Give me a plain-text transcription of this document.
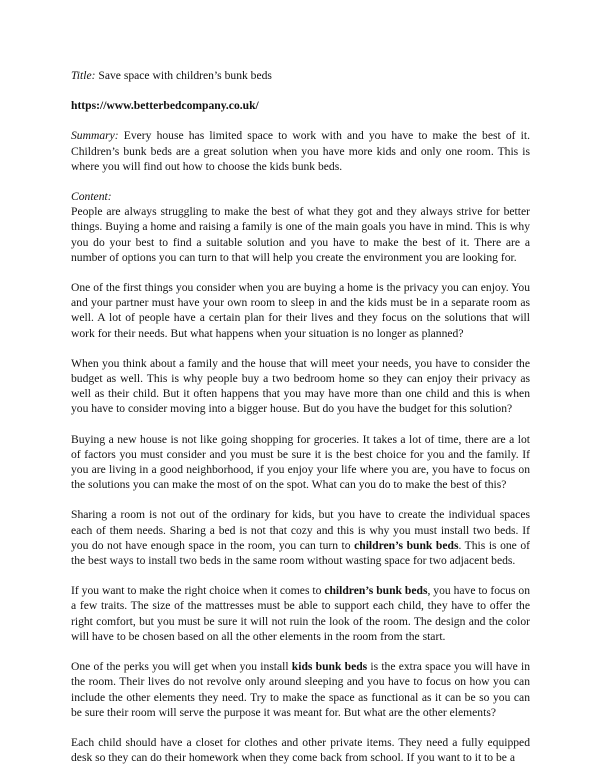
Title: Save space with children’s bunk beds

https://www.betterbedcompany.co.uk/

Summary: Every house has limited space to work with and you have to make the best of it. Children’s bunk beds are a great solution when you have more kids and only one room. This is where you will find out how to choose the kids bunk beds.

Content:
People are always struggling to make the best of what they got and they always strive for better things. Buying a home and raising a family is one of the main goals you have in mind. This is why you do your best to find a suitable solution and you have to make the best of it. There are a number of options you can turn to that will help you create the environment you are looking for.

One of the first things you consider when you are buying a home is the privacy you can enjoy. You and your partner must have your own room to sleep in and the kids must be in a separate room as well. A lot of people have a certain plan for their lives and they focus on the solutions that will work for their needs. But what happens when your situation is no longer as planned?

When you think about a family and the house that will meet your needs, you have to consider the budget as well. This is why people buy a two bedroom home so they can enjoy their privacy as well as their child. But it often happens that you may have more than one child and this is when you have to consider moving into a bigger house. But do you have the budget for this solution?

Buying a new house is not like going shopping for groceries. It takes a lot of time, there are a lot of factors you must consider and you must be sure it is the best choice for you and the family. If you are living in a good neighborhood, if you enjoy your life where you are, you have to focus on the solutions you can make the most of on the spot. What can you do to make the best of this?

Sharing a room is not out of the ordinary for kids, but you have to create the individual spaces each of them needs. Sharing a bed is not that cozy and this is why you must install two beds. If you do not have enough space in the room, you can turn to children’s bunk beds. This is one of the best ways to install two beds in the same room without wasting space for two adjacent beds.

If you want to make the right choice when it comes to children’s bunk beds, you have to focus on a few traits. The size of the mattresses must be able to support each child, they have to offer the right comfort, but you must be sure it will not ruin the look of the room. The design and the color will have to be chosen based on all the other elements in the room from the start.

One of the perks you will get when you install kids bunk beds is the extra space you will have in the room. Their lives do not revolve only around sleeping and you have to focus on how you can include the other elements they need. Try to make the space as functional as it can be so you can be sure their room will serve the purpose it was meant for. But what are the other elements?

Each child should have a closet for clothes and other private items. They need a fully equipped desk so they can do their homework when they come back from school. If you want to it to be a
